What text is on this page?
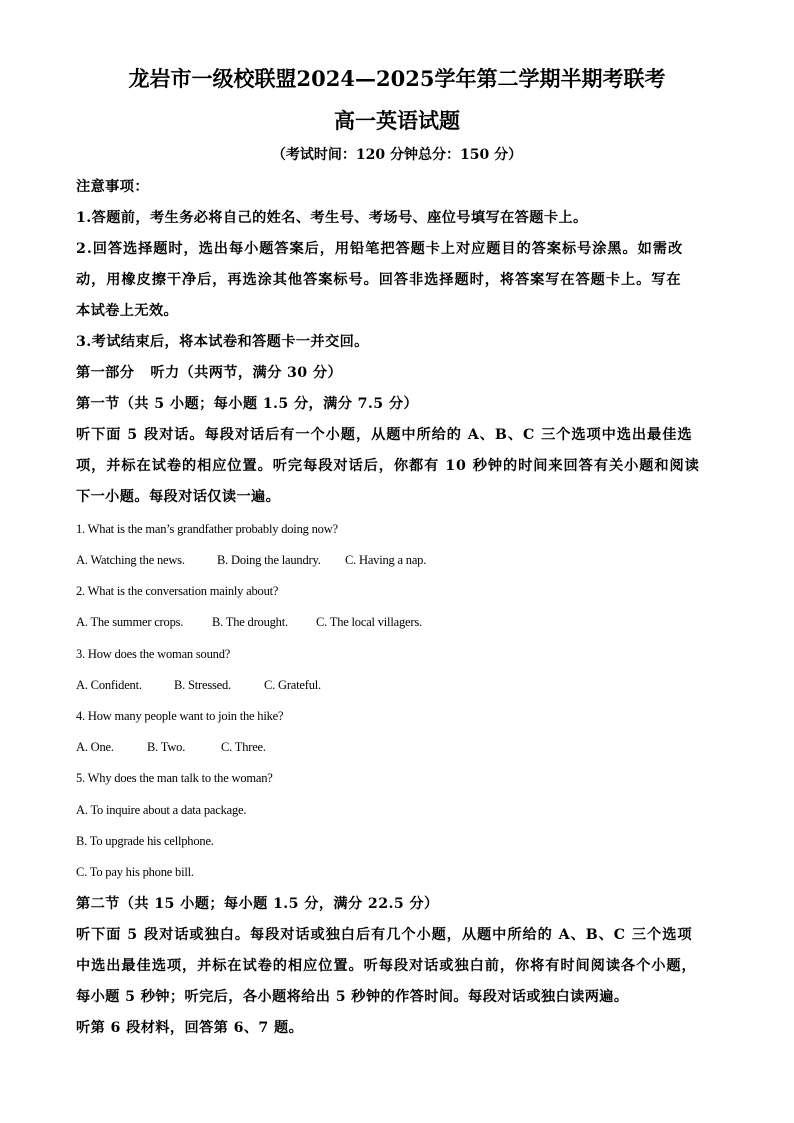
龙岩市一级校联盟2024—2025学年第二学期半期考联考
高一英语试题
（考试时间：120 分钟总分：150 分）
注意事项：
1.答题前，考生务必将自己的姓名、考生号、考场号、座位号填写在答题卡上。
2.回答选择题时，选出每小题答案后，用铅笔把答题卡上对应题目的答案标号涂黑。如需改
动，用橡皮擦干净后，再选涂其他答案标号。回答非选择题时，将答案写在答题卡上。写在
本试卷上无效。
3.考试结束后，将本试卷和答题卡一并交回。
第一部分   听力（共两节，满分 30 分）
第一节（共 5 小题；每小题 1.5 分，满分 7.5 分）
听下面 5 段对话。每段对话后有一个小题，从题中所给的 A、B、C 三个选项中选出最佳选
项，并标在试卷的相应位置。听完每段对话后，你都有 10 秒钟的时间来回答有关小题和阅读
下一小题。每段对话仅读一遍。
1. What is the man’s grandfather probably doing now?
A. Watching the news.	B. Doing the laundry. C. Having a nap.
2. What is the conversation mainly about?
A. The summer crops. B. The drought. C. The local villagers.
3. How does the woman sound?
A. Confident.	B. Stressed.	C. Grateful.
4. How many people want to join the hike?
A. One.	B. Two.	C. Three.
5. Why does the man talk to the woman?
A. To inquire about a data package.
B. To upgrade his cellphone.
C. To pay his phone bill.
第二节（共 15 小题；每小题 1.5 分，满分 22.5 分）
听下面 5 段对话或独白。每段对话或独白后有几个小题，从题中所给的 A、B、C 三个选项
中选出最佳选项，并标在试卷的相应位置。听每段对话或独白前，你将有时间阅读各个小题，
每小题 5 秒钟；听完后，各小题将给出 5 秒钟的作答时间。每段对话或独白读两遍。
听第 6 段材料，回答第 6、7 题。
